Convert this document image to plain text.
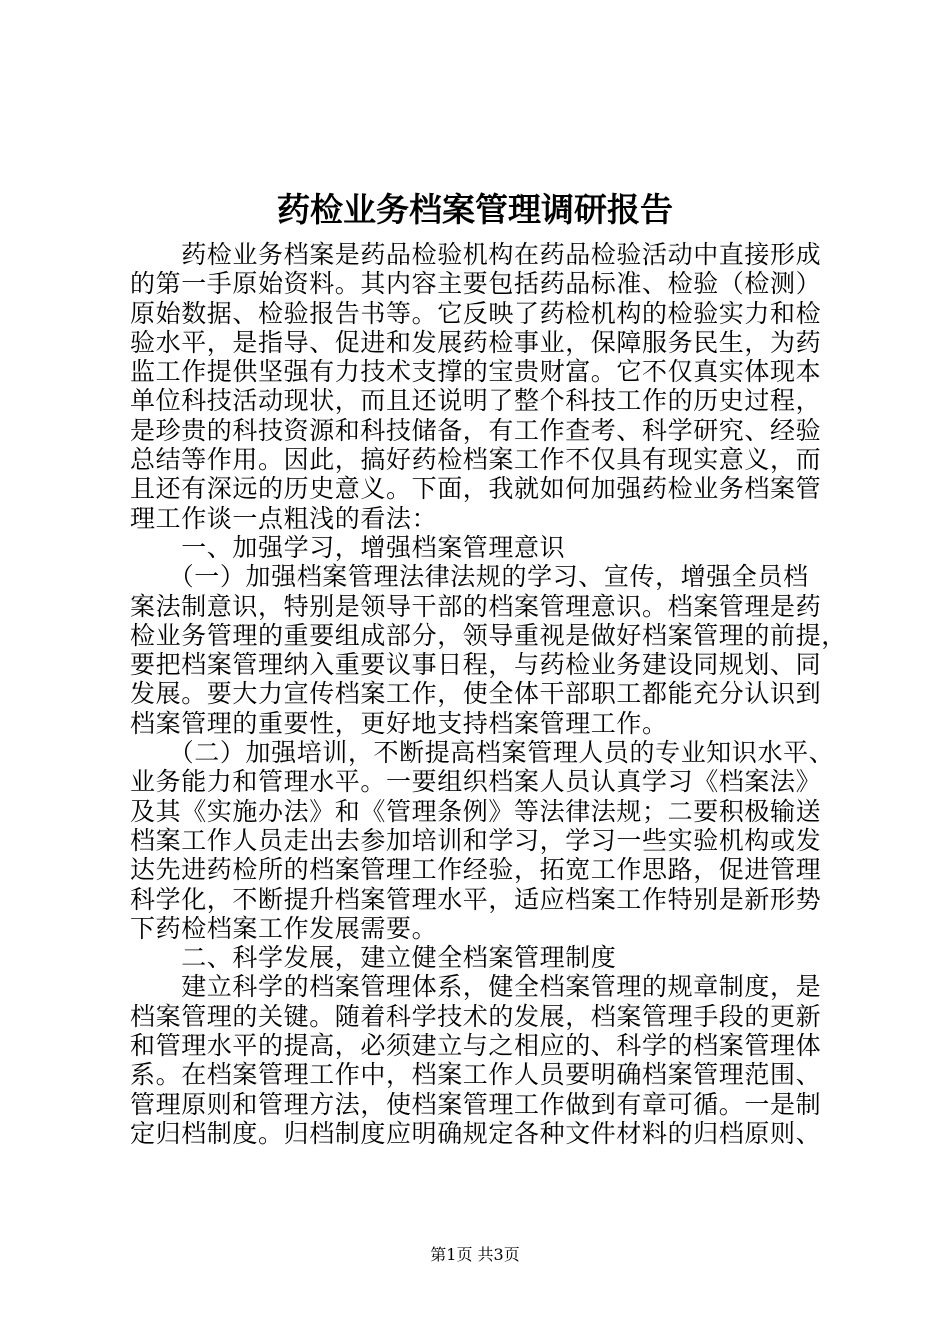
药检业务档案管理调研报告
　　药检业务档案是药品检验机构在药品检验活动中直接形成
的第一手原始资料。其内容主要包括药品标准、检验（检测）
原始数据、检验报告书等。它反映了药检机构的检验实力和检
验水平，是指导、促进和发展药检事业，保障服务民生，为药
监工作提供坚强有力技术支撑的宝贵财富。它不仅真实体现本
单位科技活动现状，而且还说明了整个科技工作的历史过程，
是珍贵的科技资源和科技储备，有工作查考、科学研究、经验
总结等作用。因此，搞好药检档案工作不仅具有现实意义，而
且还有深远的历史意义。下面，我就如何加强药检业务档案管
理工作谈一点粗浅的看法：
　　一、加强学习，增强档案管理意识
　　（一）加强档案管理法律法规的学习、宣传，增强全员档
案法制意识，特别是领导干部的档案管理意识。档案管理是药
检业务管理的重要组成部分，领导重视是做好档案管理的前提，
要把档案管理纳入重要议事日程，与药检业务建设同规划、同
发展。要大力宣传档案工作，使全体干部职工都能充分认识到
档案管理的重要性，更好地支持档案管理工作。
　　（二）加强培训，不断提高档案管理人员的专业知识水平、
业务能力和管理水平。一要组织档案人员认真学习《档案法》
及其《实施办法》和《管理条例》等法律法规；二要积极输送
档案工作人员走出去参加培训和学习，学习一些实验机构或发
达先进药检所的档案管理工作经验，拓宽工作思路，促进管理
科学化，不断提升档案管理水平，适应档案工作特别是新形势
下药检档案工作发展需要。
　　二、科学发展，建立健全档案管理制度
　　建立科学的档案管理体系，健全档案管理的规章制度，是
档案管理的关键。随着科学技术的发展，档案管理手段的更新
和管理水平的提高，必须建立与之相应的、科学的档案管理体
系。在档案管理工作中，档案工作人员要明确档案管理范围、
管理原则和管理方法，使档案管理工作做到有章可循。一是制
定归档制度。归档制度应明确规定各种文件材料的归档原则、
第1页 共3页
